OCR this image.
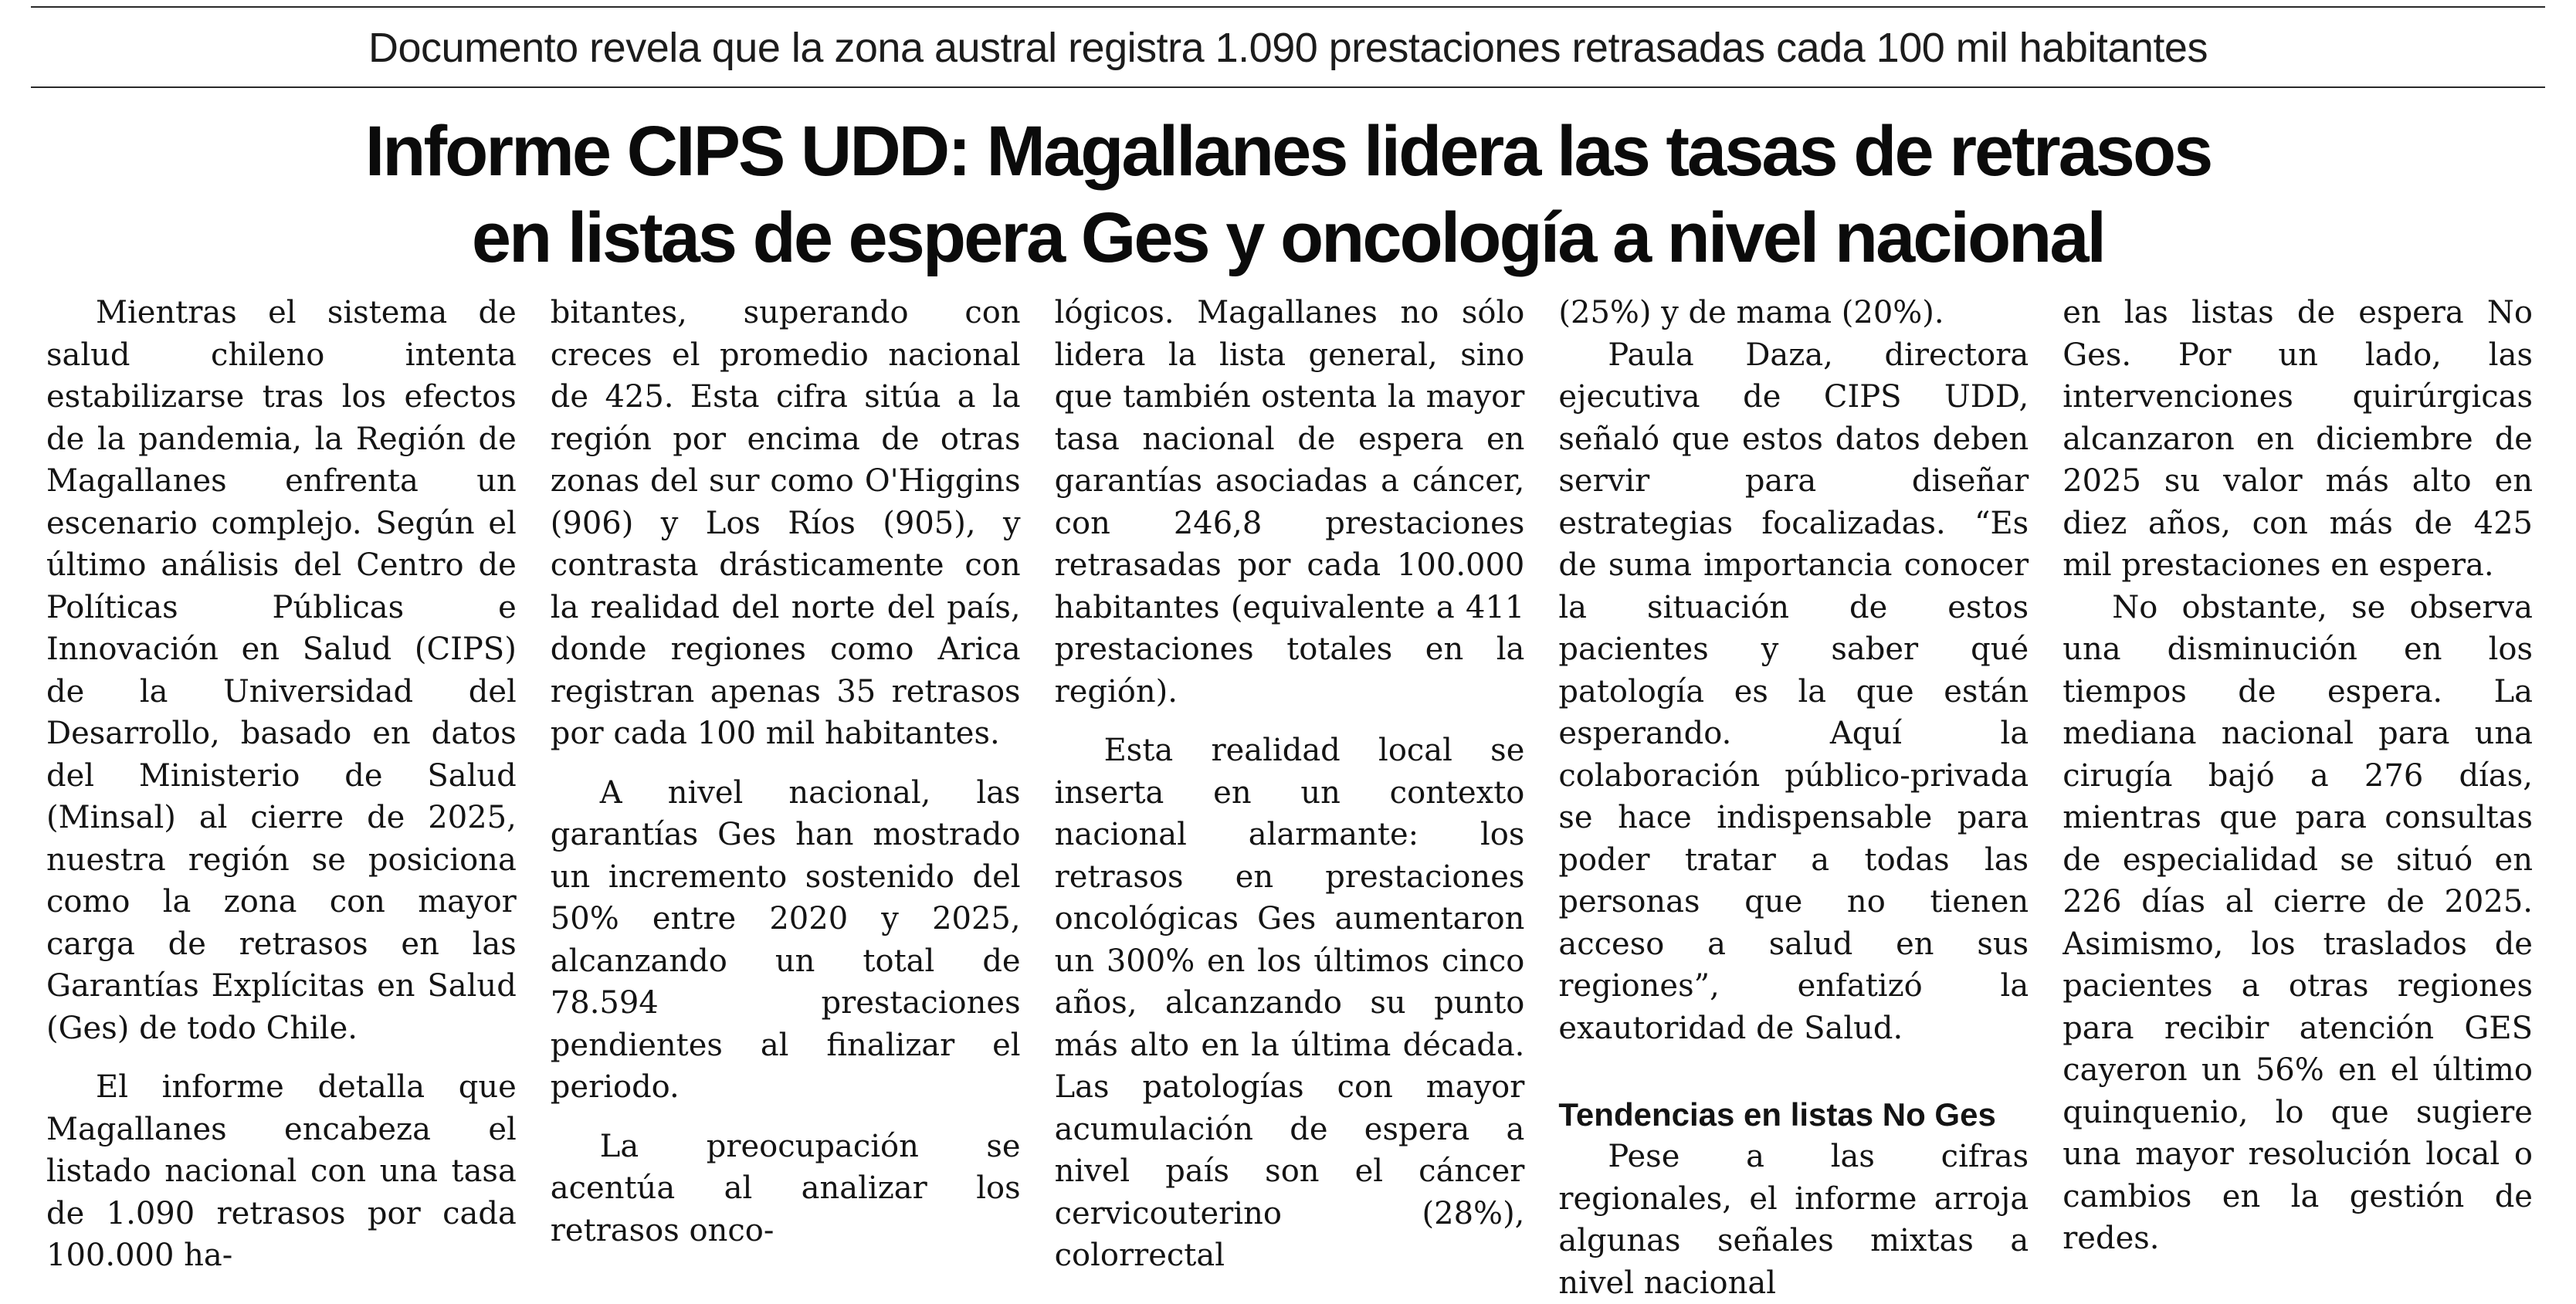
Documento revela que la zona austral registra 1.090 prestaciones retrasadas cada 100 mil habitantes
Informe CIPS UDD: Magallanes lidera las tasas de retrasos
en listas de espera Ges y oncología a nivel nacional

Mientras el sistema de salud chileno intenta estabilizarse tras los efectos de la pandemia, la Región de Magallanes enfrenta un escenario complejo. Según el último análisis del Centro de Políticas Públicas e Innovación en Salud (CIPS) de la Universidad del Desarrollo, basado en datos del Ministerio de Salud (Minsal) al cierre de 2025, nuestra región se posiciona como la zona con mayor carga de retrasos en las Garantías Explícitas en Salud (Ges) de todo Chile.

El informe detalla que Magallanes encabeza el listado nacional con una tasa de 1.090 retrasos por cada 100.000 ha-

bitantes, superando con creces el promedio nacional de 425. Esta cifra sitúa a la región por encima de otras zonas del sur como O'Higgins (906) y Los Ríos (905), y contrasta drásticamente con la realidad del norte del país, donde regiones como Arica registran apenas 35 retrasos por cada 100 mil habitantes.

A nivel nacional, las garantías Ges han mostrado un incremento sostenido del 50% entre 2020 y 2025, alcanzando un total de 78.594 prestaciones pendientes al finalizar el periodo.

La preocupación se acentúa al analizar los retrasos onco-

lógicos. Magallanes no sólo lidera la lista general, sino que también ostenta la mayor tasa nacional de espera en garantías asociadas a cáncer, con 246,8 prestaciones retrasadas por cada 100.000 habitantes (equivalente a 411 prestaciones totales en la región).

Esta realidad local se inserta en un contexto nacional alarmante: los retrasos en prestaciones oncológicas Ges aumentaron un 300% en los últimos cinco años, alcanzando su punto más alto en la última década. Las patologías con mayor acumulación de espera a nivel país son el cáncer cervicouterino (28%), colorrectal

(25%) y de mama (20%).

Paula Daza, directora ejecutiva de CIPS UDD, señaló que estos datos deben servir para diseñar estrategias focalizadas. “Es de suma importancia conocer la situación de estos pacientes y saber qué patología es la que están esperando. Aquí la colaboración público-privada se hace indispensable para poder tratar a todas las personas que no tienen acceso a salud en sus regiones”, enfatizó la exautoridad de Salud.

Tendencias en listas No Ges

Pese a las cifras regionales, el informe arroja algunas señales mixtas a nivel nacional

en las listas de espera No Ges. Por un lado, las intervenciones quirúrgicas alcanzaron en diciembre de 2025 su valor más alto en diez años, con más de 425 mil prestaciones en espera.

No obstante, se observa una disminución en los tiempos de espera. La mediana nacional para una cirugía bajó a 276 días, mientras que para consultas de especialidad se situó en 226 días al cierre de 2025. Asimismo, los traslados de pacientes a otras regiones para recibir atención GES cayeron un 56% en el último quinquenio, lo que sugiere una mayor resolución local o cambios en la gestión de redes.
